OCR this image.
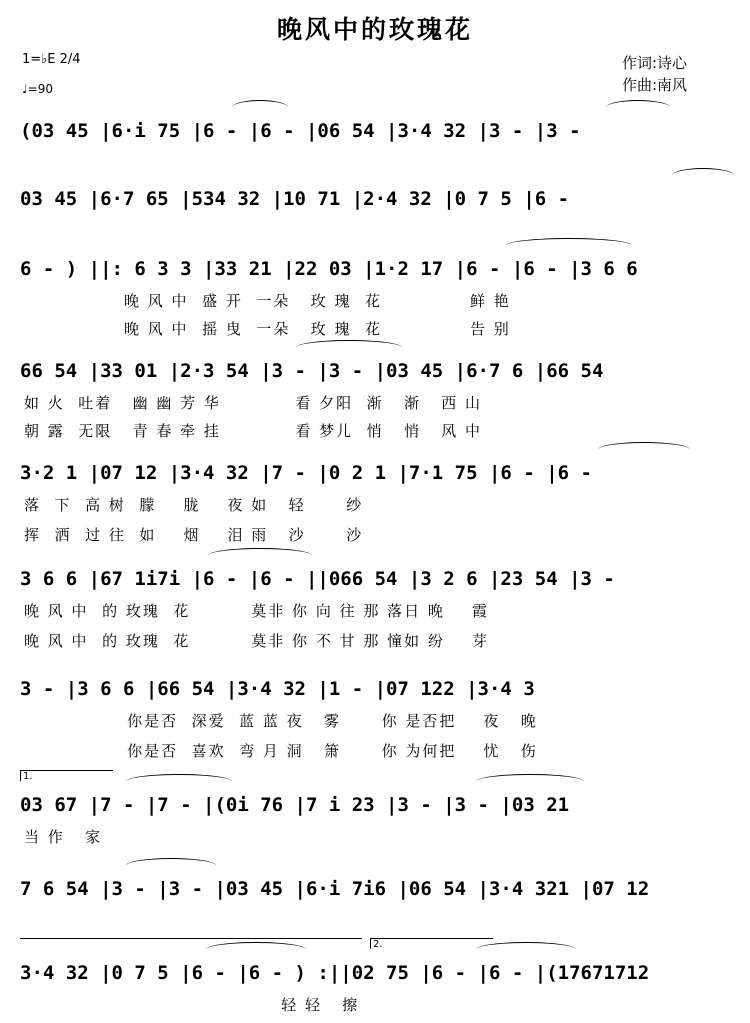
晚风中的玫瑰花
作词:诗心
作曲:南风
1=♭E 2/4
♩=90
(03 45 |6·i 75 |6 - |6 - |06 54 |3·4 32 |3 - |3 -
03 45 |6·7 65 |534 32 |10 71 |2·4 32 |0 7 5 |6 -
6 - ) ||: 6 3 3 |33 21 |22 03 |1·2 17 |6 - |6 - |3 6 6
晚 风 中  盛 开  一朵   玫 瑰  花             鲜 艳
晚 风 中  摇 曳  一朵   玫 瑰  花             告 别
66 54 |33 01 |2·3 54 |3 - |3 - |03 45 |6·7 6 |66 54
如 火  吐着   幽 幽 芳 华           看 夕阳  渐   渐   西 山
朝 露  无限   青 春 牵 挂           看 梦儿  悄   悄   风 中
3·2 1 |07 12 |3·4 32 |7 - |0 2 1 |7·1 75 |6 - |6 -
落  下  高 树  朦    胧    夜 如   轻      纱
挥  洒  过 往  如    烟    泪 雨   沙      沙
3 6 6 |67 1i7i |6 - |6 - ||066 54 |3 2 6 |23 54 |3 -
晚 风 中  的 玫瑰  花         莫非 你 向 往 那 落日 晚    霞
晚 风 中  的 玫瑰  花         莫非 你 不 甘 那 憧如 纷    芽
3 - |3 6 6 |66 54 |3·4 32 |1 - |07 122 |3·4 3
你是否  深爱  蓝 蓝 夜   雾      你 是否把    夜   晚
你是否  喜欢  弯 月 洞   箫      你 为何把    忧   伤
1.
03 67 |7 - |7 - |(0i 76 |7 i 23 |3 - |3 - |03 21
当 作   家
7 6 54 |3 - |3 - |03 45 |6·i 7i6 |06 54 |3·4 321 |07 12
2.
3·4 32 |0 7 5 |6 - |6 - ) :||02 75 |6 - |6 - |(17671712
轻 轻   擦
